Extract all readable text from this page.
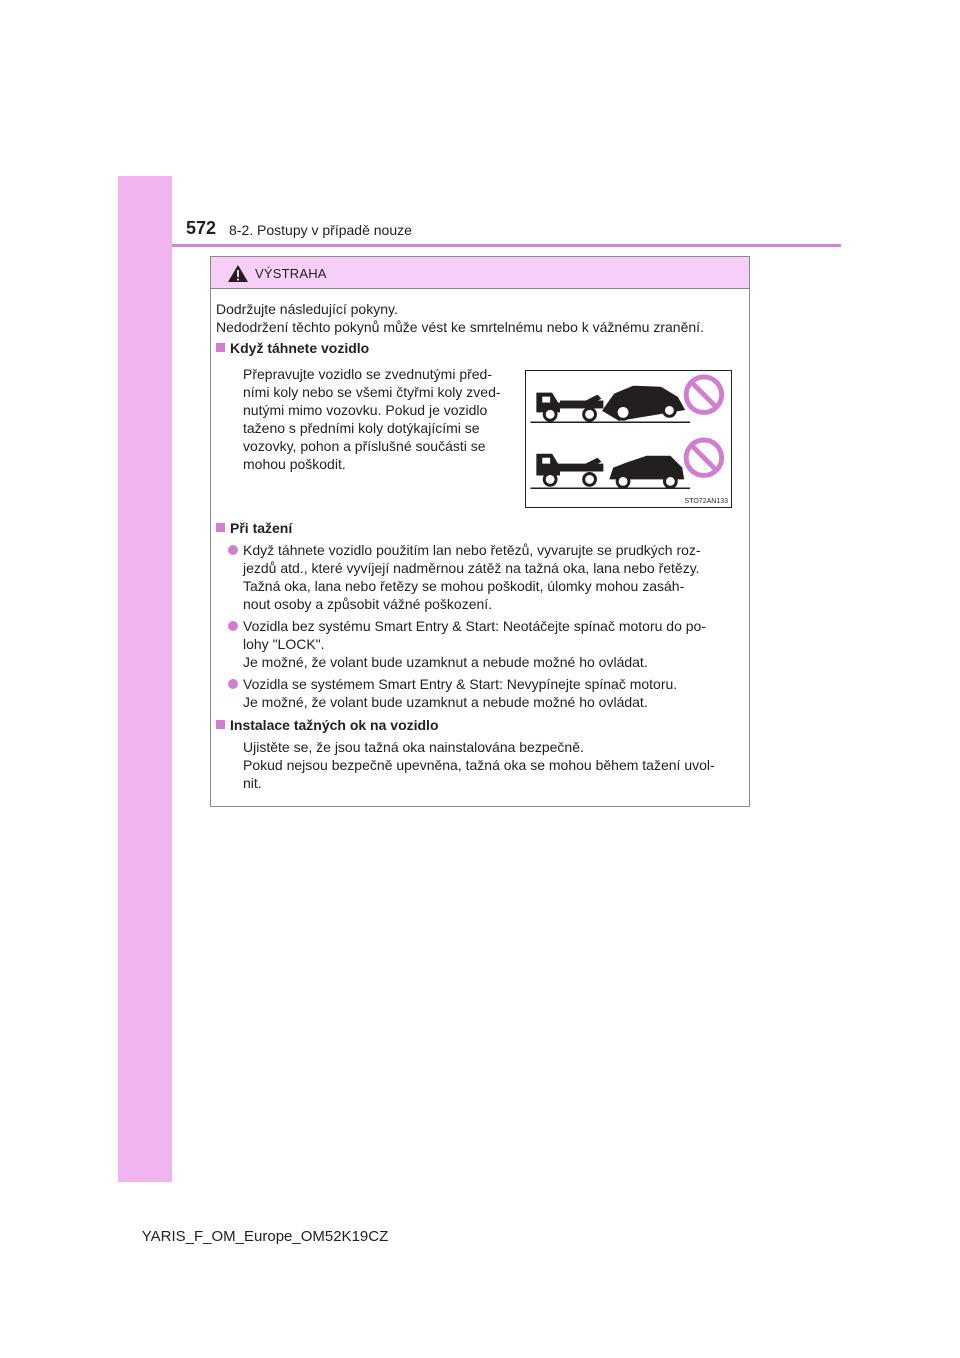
572 8-2. Postupy v případě nouze
VÝSTRAHA
Dodržujte následující pokyny.
Nedodržení těchto pokynů může vést ke smrtelnému nebo k vážnému zranění.
Když táhnete vozidlo
Přepravujte vozidlo se zvednutými před-
ními koly nebo se všemi čtyřmi koly zved-
nutými mimo vozovku. Pokud je vozidlo
taženo s předními koly dotýkajícími se
vozovky, pohon a příslušné součásti se
mohou poškodit.
STO72AN133
Při tažení
Když táhnete vozidlo použitím lan nebo řetězů, vyvarujte se prudkých roz-
jezdů atd., které vyvíjejí nadměrnou zátěž na tažná oka, lana nebo řetězy.
Tažná oka, lana nebo řetězy se mohou poškodit, úlomky mohou zasáh-
nout osoby a způsobit vážné poškození.
Vozidla bez systému Smart Entry & Start: Neotáčejte spínač motoru do po-
lohy "LOCK".
Je možné, že volant bude uzamknut a nebude možné ho ovládat.
Vozidla se systémem Smart Entry & Start: Nevypínejte spínač motoru.
Je možné, že volant bude uzamknut a nebude možné ho ovládat.
Instalace tažných ok na vozidlo
Ujistěte se, že jsou tažná oka nainstalována bezpečně.
Pokud nejsou bezpečně upevněna, tažná oka se mohou během tažení uvol-
nit.
YARIS_F_OM_Europe_OM52K19CZ
